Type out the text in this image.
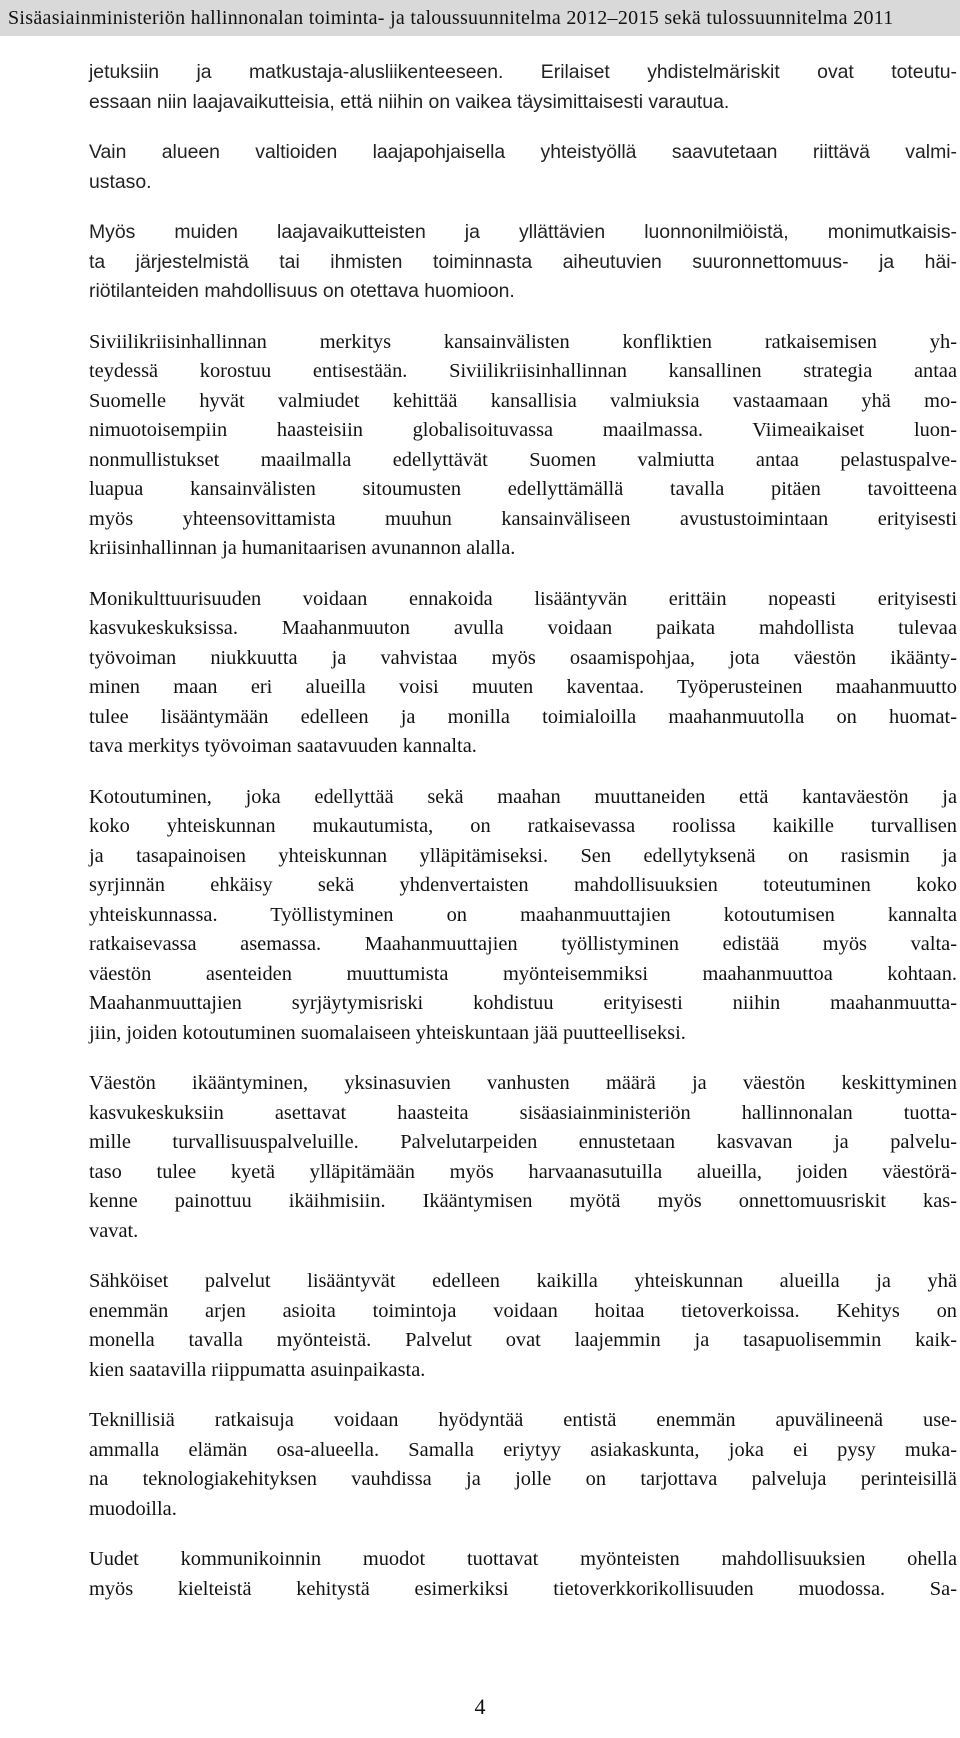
Sisäasiainministeriön hallinnonalan toiminta- ja taloussuunnitelma 2012–2015 sekä tulossuunnitelma 2011
jetuksiin ja matkustaja-alusliikenteeseen. Erilaiset yhdistelmäriskit ovat toteutu-
essaan niin laajavaikutteisia, että niihin on vaikea täysimittaisesti varautua.
Vain alueen valtioiden laajapohjaisella yhteistyöllä saavutetaan riittävä valmi-
ustaso.
Myös muiden laajavaikutteisten ja yllättävien luonnonilmiöistä, monimutkaisis-
ta järjestelmistä tai ihmisten toiminnasta aiheutuvien suuronnettomuus- ja häi-
riötilanteiden mahdollisuus on otettava huomioon.
Siviilikriisinhallinnan merkitys kansainvälisten konfliktien ratkaisemisen yh-
teydessä korostuu entisestään. Siviilikriisinhallinnan kansallinen strategia antaa
Suomelle hyvät valmiudet kehittää kansallisia valmiuksia vastaamaan yhä mo-
nimuotoisempiin haasteisiin globalisoituvassa maailmassa. Viimeaikaiset luon-
nonmullistukset maailmalla edellyttävät Suomen valmiutta antaa pelastuspalve-
luapua kansainvälisten sitoumusten edellyttämällä tavalla pitäen tavoitteena
myös yhteensovittamista muuhun kansainväliseen avustustoimintaan erityisesti
kriisinhallinnan ja humanitaarisen avunannon alalla.
Monikulttuurisuuden voidaan ennakoida lisääntyvän erittäin nopeasti erityisesti
kasvukeskuksissa. Maahanmuuton avulla voidaan paikata mahdollista tulevaa
työvoiman niukkuutta ja vahvistaa myös osaamispohjaa, jota väestön ikäänty-
minen maan eri alueilla voisi muuten kaventaa. Työperusteinen maahanmuutto
tulee lisääntymään edelleen ja monilla toimialoilla maahanmuutolla on huomat-
tava merkitys työvoiman saatavuuden kannalta.
Kotoutuminen, joka edellyttää sekä maahan muuttaneiden että kantaväestön ja
koko yhteiskunnan mukautumista, on ratkaisevassa roolissa kaikille turvallisen
ja tasapainoisen yhteiskunnan ylläpitämiseksi. Sen edellytyksenä on rasismin ja
syrjinnän ehkäisy sekä yhdenvertaisten mahdollisuuksien toteutuminen koko
yhteiskunnassa. Työllistyminen on maahanmuuttajien kotoutumisen kannalta
ratkaisevassa asemassa. Maahanmuuttajien työllistyminen edistää myös valta-
väestön asenteiden muuttumista myönteisemmiksi maahanmuuttoa kohtaan.
Maahanmuuttajien syrjäytymisriski kohdistuu erityisesti niihin maahanmuutta-
jiin, joiden kotoutuminen suomalaiseen yhteiskuntaan jää puutteelliseksi.
Väestön ikääntyminen, yksinasuvien vanhusten määrä ja väestön keskittyminen
kasvukeskuksiin asettavat haasteita sisäasiainministeriön hallinnonalan tuotta-
mille turvallisuuspalveluille. Palvelutarpeiden ennustetaan kasvavan ja palvelu-
taso tulee kyetä ylläpitämään myös harvaanasutuilla alueilla, joiden väestörä-
kenne painottuu ikäihmisiin. Ikääntymisen myötä myös onnettomuusriskit kas-
vavat.
Sähköiset palvelut lisääntyvät edelleen kaikilla yhteiskunnan alueilla ja yhä
enemmän arjen asioita toimintoja voidaan hoitaa tietoverkoissa. Kehitys on
monella tavalla myönteistä. Palvelut ovat laajemmin ja tasapuolisemmin kaik-
kien saatavilla riippumatta asuinpaikasta.
Teknillisiä ratkaisuja voidaan hyödyntää entistä enemmän apuvälineenä use-
ammalla elämän osa-alueella. Samalla eriytyy asiakaskunta, joka ei pysy muka-
na teknologiakehityksen vauhdissa ja jolle on tarjottava palveluja perinteisillä
muodoilla.
Uudet kommunikoinnin muodot tuottavat myönteisten mahdollisuuksien ohella
myös kielteistä kehitystä esimerkiksi tietoverkkorikollisuuden muodossa. Sa-
4
